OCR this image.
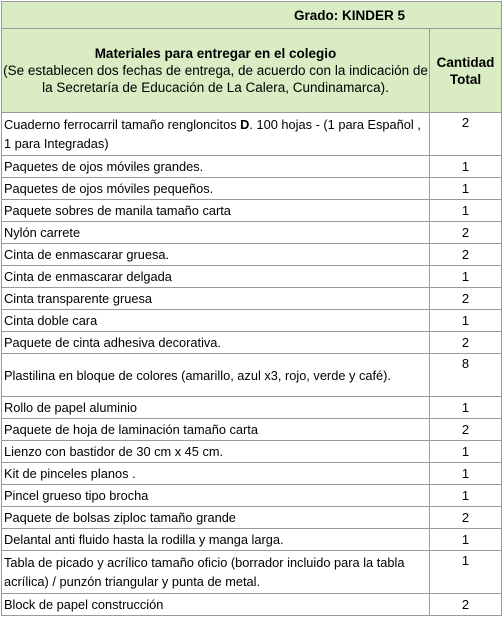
Grado: KINDER 5	

Materiales para entregar en el colegio
(Se establecen dos fechas de entrega, de acuerdo con la indicación de la Secretaría de Educación de La Calera, Cundinamarca).	Cantidad
Total

Cuaderno ferrocarril tamaño rengloncitos D. 100 hojas - (1 para Español , 1 para Integradas)	2
Paquetes de ojos móviles grandes.	1
Paquetes de ojos móviles pequeños.	1
Paquete sobres de manila tamaño carta	1
Nylón carrete	2
Cinta de enmascarar gruesa.	2
Cinta de enmascarar delgada	1
Cinta transparente gruesa	2
Cinta doble cara	1
Paquete de cinta adhesiva decorativa.	2
Plastilina en bloque de colores (amarillo, azul x3, rojo, verde y café).	8
Rollo de papel aluminio	1
Paquete de hoja de laminación tamaño carta	2
Lienzo con bastidor de 30 cm x 45 cm.	1
Kit de pinceles planos .	1
Pincel grueso tipo brocha	1
Paquete de bolsas ziploc tamaño grande	2
Delantal anti fluido hasta la rodilla y manga larga.	1
Tabla de picado y acrílico tamaño oficio (borrador incluido para la tabla acrílica) / punzón triangular y punta de metal.	1
Block de papel construcción	2
